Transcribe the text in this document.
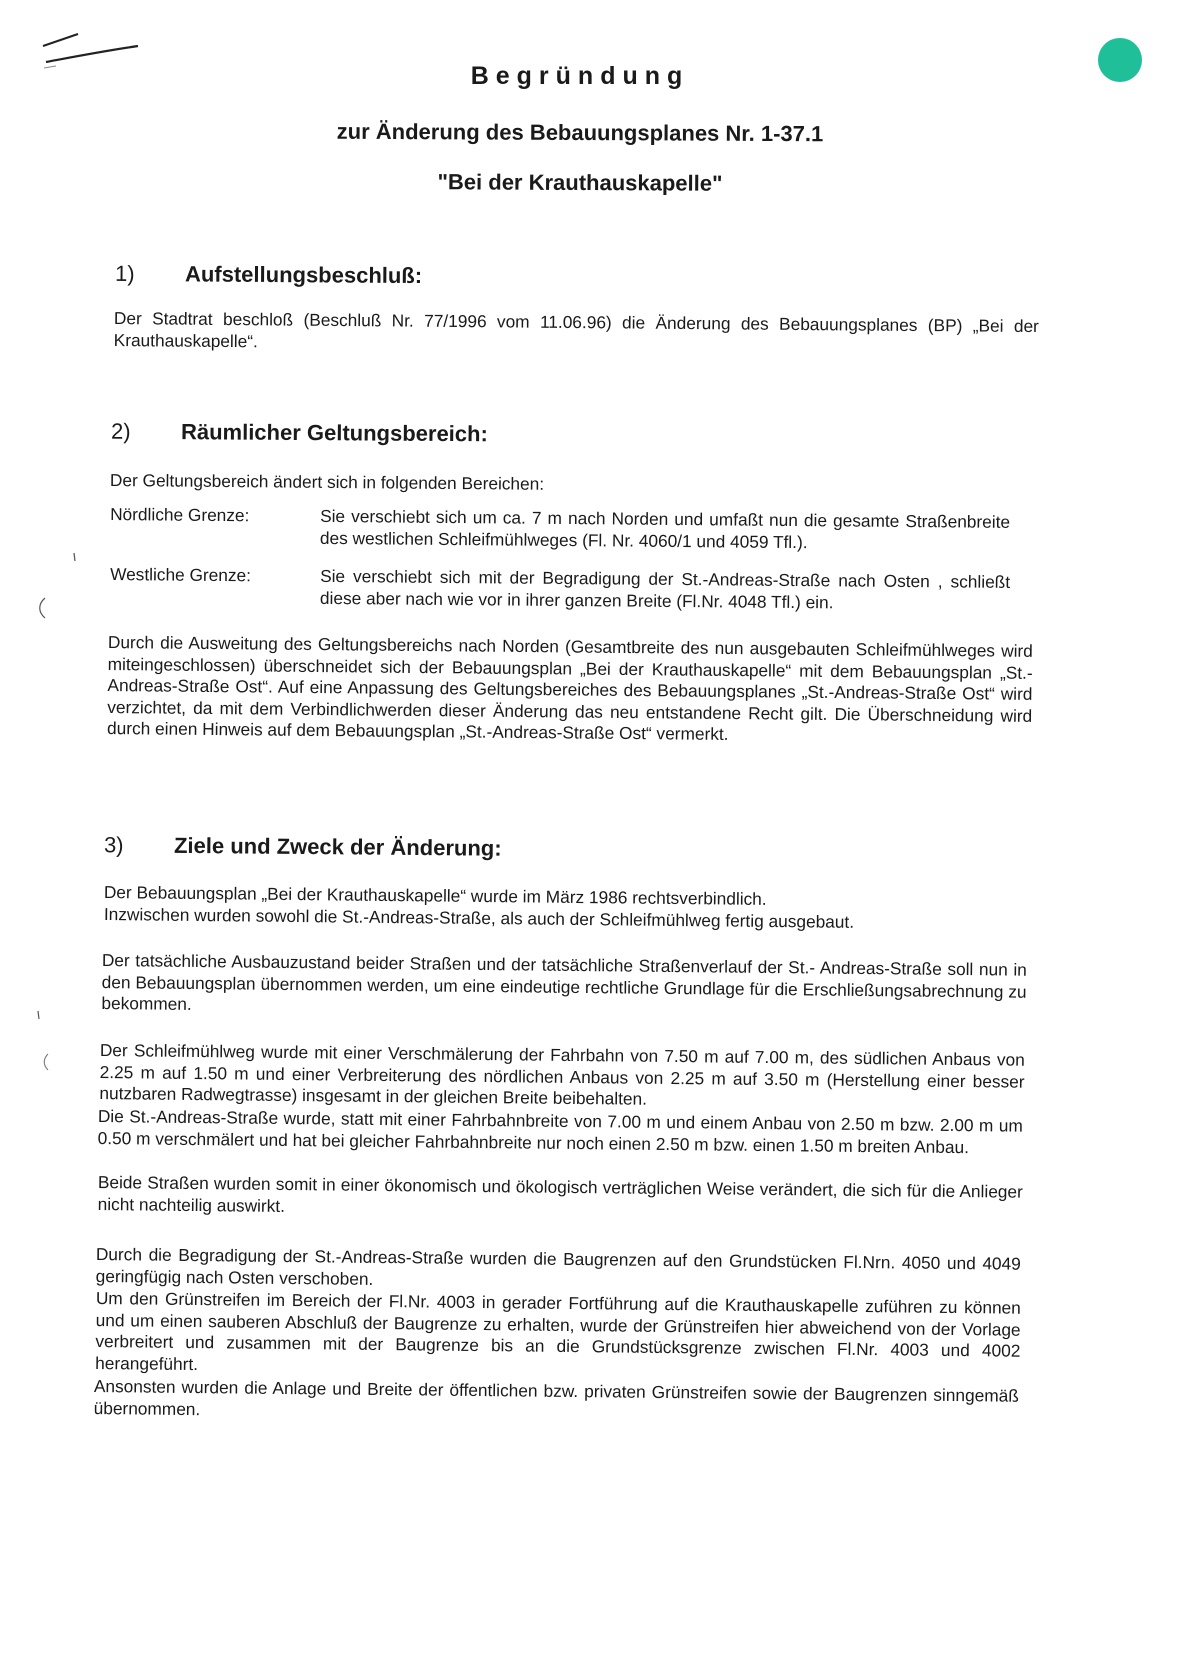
Begründung
zur Änderung des Bebauungsplanes Nr. 1-37.1
"Bei der Krauthauskapelle"
1) Aufstellungsbeschluß:
Der Stadtrat beschloß (Beschluß Nr. 77/1996 vom 11.06.96) die Änderung des Bebauungsplanes (BP) „Bei der Krauthauskapelle“.
2) Räumlicher Geltungsbereich:
Der Geltungsbereich ändert sich in folgenden Bereichen:
Nördliche Grenze:	Sie verschiebt sich um ca. 7 m nach Norden und umfaßt nun die gesamte Straßenbreite des westlichen Schleifmühlweges (Fl. Nr. 4060/1 und 4059 Tfl.).
Westliche Grenze:	Sie verschiebt sich mit der Begradigung der St.-Andreas-Straße nach Osten , schließt diese aber nach wie vor in ihrer ganzen Breite (Fl.Nr. 4048 Tfl.) ein.
Durch die Ausweitung des Geltungsbereichs nach Norden (Gesamtbreite des nun ausgebauten Schleifmühlweges wird miteingeschlossen) überschneidet sich der Bebauungsplan „Bei der Krauthauskapelle“ mit dem Bebauungsplan „St.-Andreas-Straße Ost“. Auf eine Anpassung des Geltungsbereiches des Bebauungsplanes „St.-Andreas-Straße Ost“ wird verzichtet, da mit dem Verbindlichwerden dieser Änderung das neu entstandene Recht gilt. Die Überschneidung wird durch einen Hinweis auf dem Bebauungsplan „St.-Andreas-Straße Ost“ vermerkt.
3) Ziele und Zweck der Änderung:
Der Bebauungsplan „Bei der Krauthauskapelle“ wurde im März 1986 rechtsverbindlich.
Inzwischen wurden sowohl die St.-Andreas-Straße, als auch der Schleifmühlweg fertig ausgebaut.
Der tatsächliche Ausbauzustand beider Straßen und der tatsächliche Straßenverlauf der St.- Andreas-Straße soll nun in den Bebauungsplan übernommen werden, um eine eindeutige rechtliche Grundlage für die Erschließungsabrechnung zu bekommen.
Der Schleifmühlweg wurde mit einer Verschmälerung der Fahrbahn von 7.50 m auf 7.00 m, des südlichen Anbaus von 2.25 m auf 1.50 m und einer Verbreiterung des nördlichen Anbaus von 2.25 m auf 3.50 m (Herstellung einer besser nutzbaren Radwegtrasse) insgesamt in der gleichen Breite beibehalten.
Die St.-Andreas-Straße wurde, statt mit einer Fahrbahnbreite von 7.00 m und einem Anbau von 2.50 m bzw. 2.00 m um 0.50 m verschmälert und hat bei gleicher Fahrbahnbreite nur noch einen 2.50 m bzw. einen 1.50 m breiten Anbau.
Beide Straßen wurden somit in einer ökonomisch und ökologisch verträglichen Weise verändert, die sich für die Anlieger nicht nachteilig auswirkt.
Durch die Begradigung der St.-Andreas-Straße wurden die Baugrenzen auf den Grundstücken Fl.Nrn. 4050 und 4049 geringfügig nach Osten verschoben.
Um den Grünstreifen im Bereich der Fl.Nr. 4003 in gerader Fortführung auf die Krauthauskapelle zuführen zu können und um einen sauberen Abschluß der Baugrenze zu erhalten, wurde der Grünstreifen hier abweichend von der Vorlage verbreitert und zusammen mit der Baugrenze bis an die Grundstücksgrenze zwischen Fl.Nr. 4003 und 4002 herangeführt.
Ansonsten wurden die Anlage und Breite der öffentlichen bzw. privaten Grünstreifen sowie der Baugrenzen sinngemäß übernommen.
